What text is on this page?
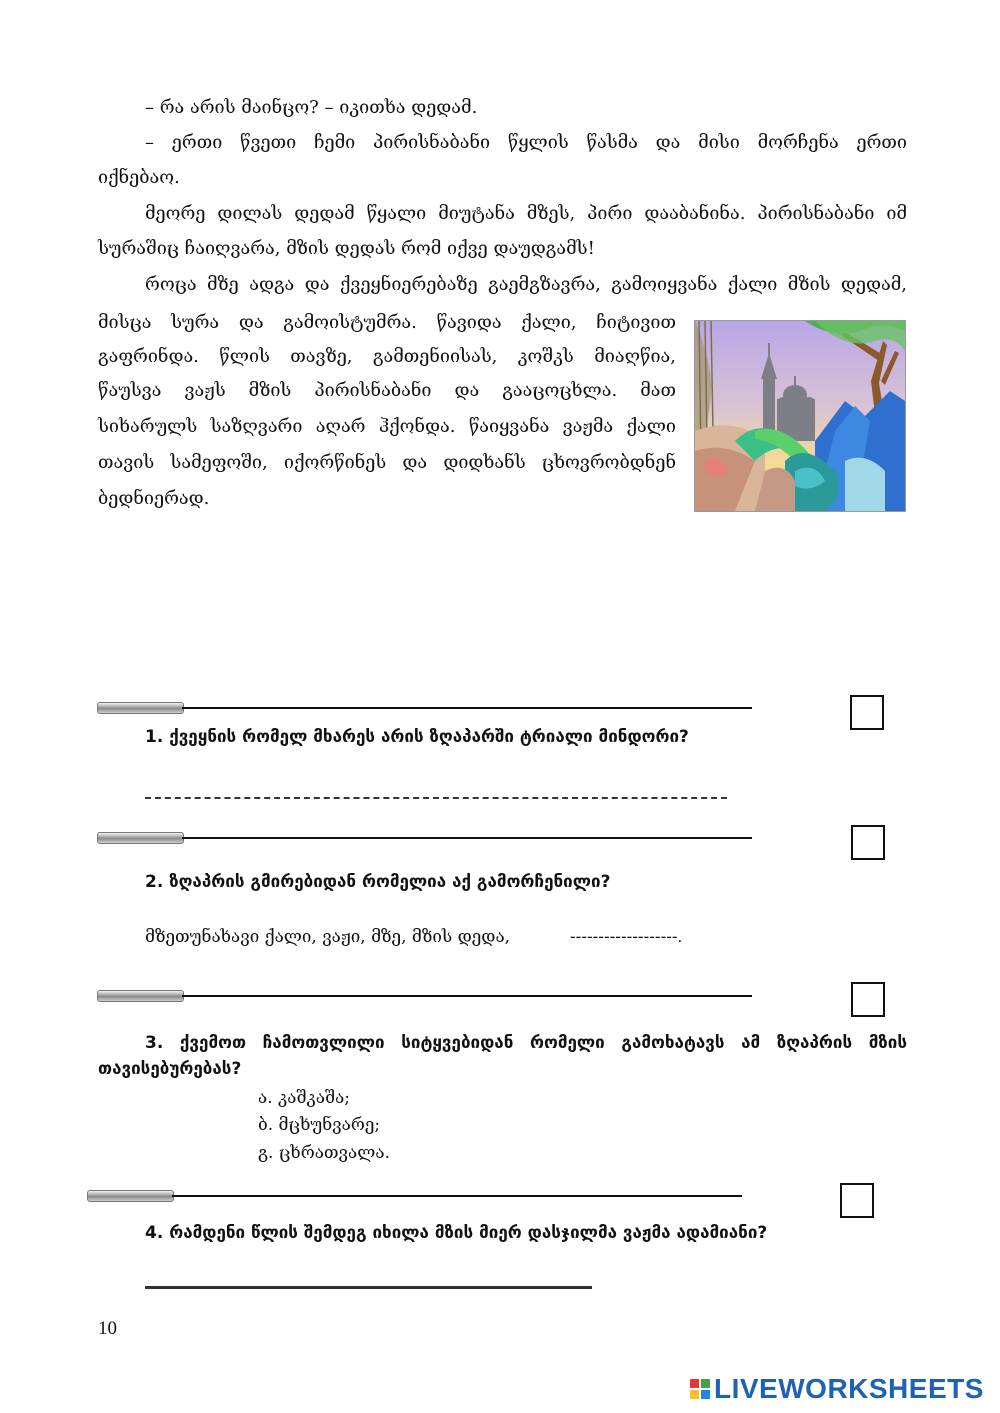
– რა არის მაინცო? – იკითხა დედამ.

– ერთი წვეთი ჩემი პირისნაბანი წყლის წასმა და მისი მორჩენა ერთი

იქნებაო.

მეორე დილას დედამ წყალი მიუტანა მზეს, პირი დააბანინა. პირისნაბანი იმ

სურაშიც ჩაიღვარა, მზის დედას რომ იქვე დაუდგამს!

როცა მზე ადგა და ქვეყნიერებაზე გაემგზავრა, გამოიყვანა ქალი მზის დედამ,

მისცა სურა და გამოისტუმრა. წავიდა ქალი, ჩიტივით

გაფრინდა. წლის თავზე, გამთენიისას, კოშკს მიაღწია,

წაუსვა ვაჟს მზის პირისნაბანი და გააცოცხლა. მათ

სიხარულს საზღვარი აღარ ჰქონდა. წაიყვანა ვაჟმა ქალი

თავის სამეფოში, იქორწინეს და დიდხანს ცხოვრობდნენ

ბედნიერად.

1. ქვეყნის რომელ მხარეს არის ზღაპარში ტრიალი მინდორი?

2. ზღაპრის გმირებიდან რომელია აქ გამორჩენილი?

მზეთუნახავი ქალი, ვაჟი, მზე, მზის დედა,	-------------------.

3. ქვემოთ ჩამოთვლილი სიტყვებიდან რომელი გამოხატავს ამ ზღაპრის მზის

თავისებურებას?

ა. კაშკაშა;

ბ. მცხუნვარე;

გ. ცხრათვალა.

4. რამდენი წლის შემდეგ იხილა მზის მიერ დასჯილმა ვაჟმა ადამიანი?

10
LIVEWORKSHEETS
